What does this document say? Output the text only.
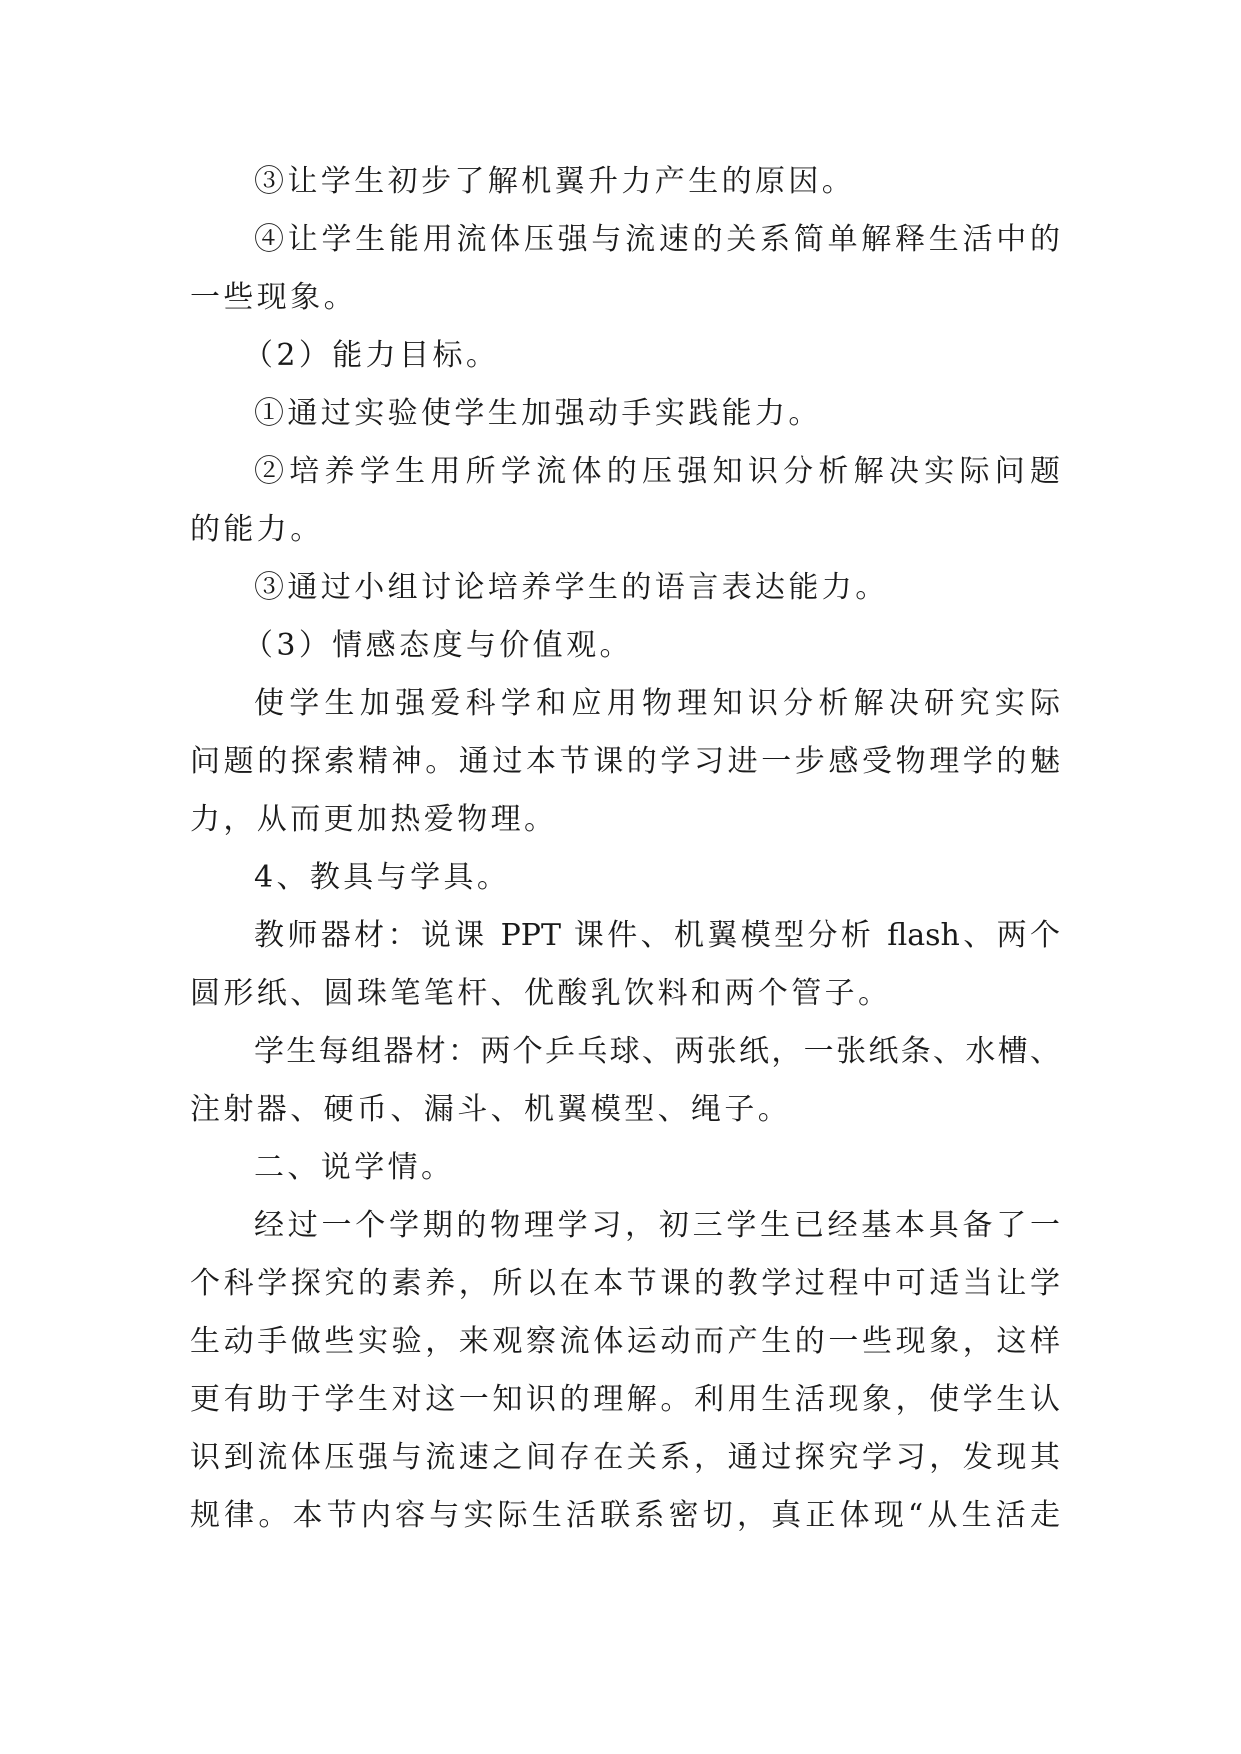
③让学生初步了解机翼升力产生的原因。
④让学生能用流体压强与流速的关系简单解释生活中的
一些现象。
（2）能力目标。
①通过实验使学生加强动手实践能力。
②培养学生用所学流体的压强知识分析解决实际问题
的能力。
③通过小组讨论培养学生的语言表达能力。
（3）情感态度与价值观。
使学生加强爱科学和应用物理知识分析解决研究实际
问题的探索精神。通过本节课的学习进一步感受物理学的魅
力，从而更加热爱物理。
4、教具与学具。
教师器材：说课 PPT 课件、机翼模型分析 flash、两个
圆形纸、圆珠笔笔杆、优酸乳饮料和两个管子。
学生每组器材：两个乒乓球、两张纸，一张纸条、水槽、
注射器、硬币、漏斗、机翼模型、绳子。
二、说学情。
经过一个学期的物理学习，初三学生已经基本具备了一
个科学探究的素养，所以在本节课的教学过程中可适当让学
生动手做些实验，来观察流体运动而产生的一些现象，这样
更有助于学生对这一知识的理解。利用生活现象，使学生认
识到流体压强与流速之间存在关系，通过探究学习，发现其
规律。本节内容与实际生活联系密切，真正体现“从生活走
